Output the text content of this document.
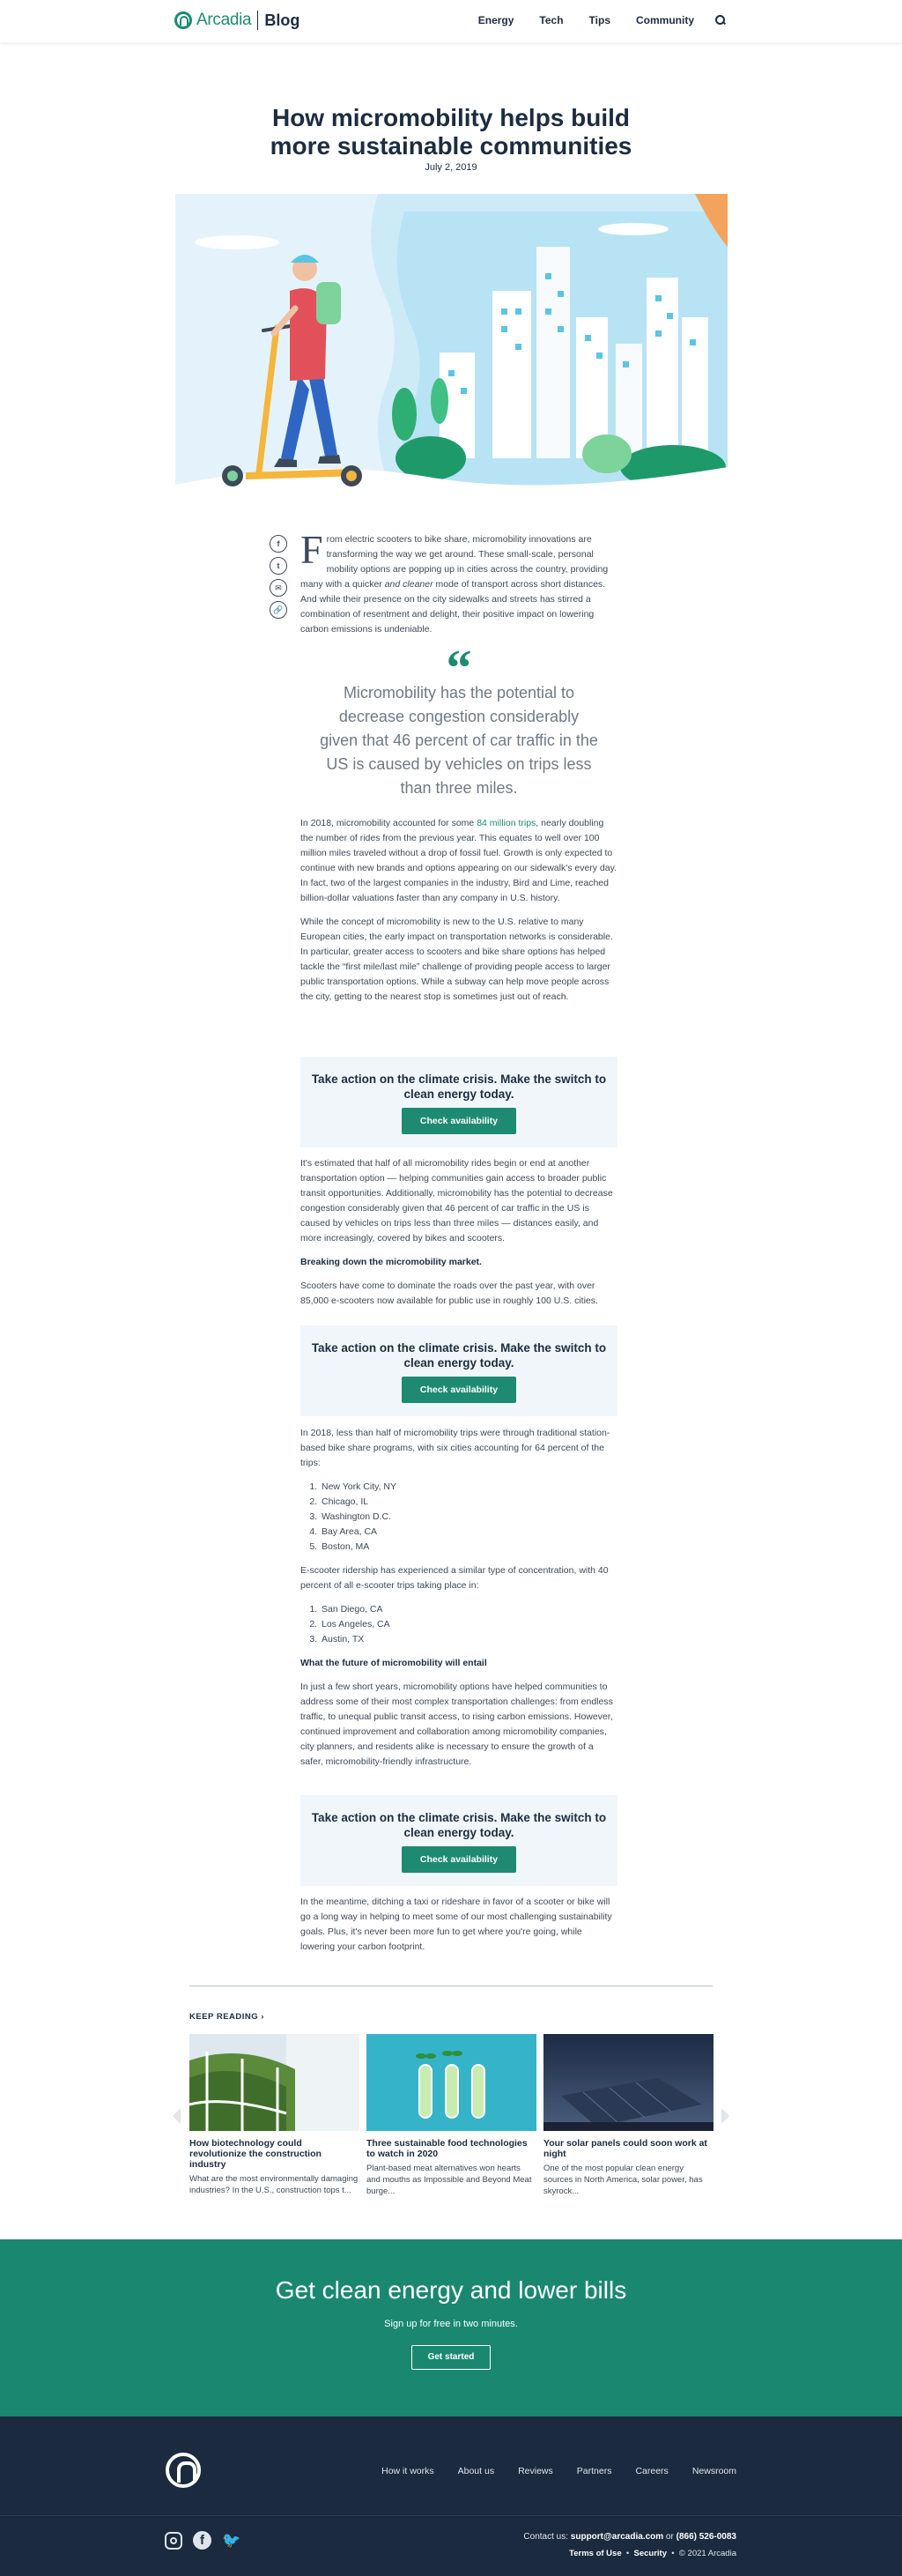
Arcadia Blog	Energy Tech Tips Community
How micromobility helps build
more sustainable communities
July 2, 2019
f
t
✉
🔗

From electric scooters to bike share, micromobility innovations are transforming the way we get around. These small-scale, personal mobility options are popping up in cities across the country, providing many with a quicker and cleaner mode of transport across short distances. And while their presence on the city sidewalks and streets has stirred a combination of resentment and delight, their positive impact on lowering carbon emissions is undeniable.

“
Micromobility has the potential to decrease congestion considerably given that 46 percent of car traffic in the US is caused by vehicles on trips less than three miles.

In 2018, micromobility accounted for some 84 million trips, nearly doubling the number of rides from the previous year. This equates to well over 100 million miles traveled without a drop of fossil fuel. Growth is only expected to continue with new brands and options appearing on our sidewalk's every day. In fact, two of the largest companies in the industry, Bird and Lime, reached billion-dollar valuations faster than any company in U.S. history.

While the concept of micromobility is new to the U.S. relative to many European cities, the early impact on transportation networks is considerable. In particular, greater access to scooters and bike share options has helped tackle the “first mile/last mile” challenge of providing people access to larger public transportation options. While a subway can help move people across the city, getting to the nearest stop is sometimes just out of reach.

Take action on the climate crisis. Make the switch to
clean energy today.
Check availability

It's estimated that half of all micromobility rides begin or end at another transportation option — helping communities gain access to broader public transit opportunities. Additionally, micromobility has the potential to decrease congestion considerably given that 46 percent of car traffic in the US is caused by vehicles on trips less than three miles — distances easily, and more increasingly, covered by bikes and scooters.

Breaking down the micromobility market.

Scooters have come to dominate the roads over the past year, with over 85,000 e-scooters now available for public use in roughly 100 U.S. cities.

Take action on the climate crisis. Make the switch to
clean energy today.
Check availability

In 2018, less than half of micromobility trips were through traditional station-based bike share programs, with six cities accounting for 64 percent of the trips:

1. New York City, NY
2. Chicago, IL
3. Washington D.C.
4. Bay Area, CA
5. Boston, MA

E-scooter ridership has experienced a similar type of concentration, with 40 percent of all e-scooter trips taking place in:

1. San Diego, CA
2. Los Angeles, CA
3. Austin, TX
What the future of micromobility will entail

In just a few short years, micromobility options have helped communities to address some of their most complex transportation challenges: from endless traffic, to unequal public transit access, to rising carbon emissions. However, continued improvement and collaboration among micromobility companies, city planners, and residents alike is necessary to ensure the growth of a safer, micromobility-friendly infrastructure.

Take action on the climate crisis. Make the switch to
clean energy today.
Check availability

In the meantime, ditching a taxi or rideshare in favor of a scooter or bike will go a long way in helping to meet some of our most challenging sustainability goals. Plus, it's never been more fun to get where you're going, while lowering your carbon footprint.

KEEP READING ›
How biotechnology could revolutionize the construction industry
What are the most environmentally damaging industries? In the U.S., construction tops t...
Three sustainable food technologies to watch in 2020
Plant-based meat alternatives won hearts and mouths as Impossible and Beyond Meat burge...
Your solar panels could soon work at night
One of the most popular clean energy sources in North America, solar power, has skyrock...
Get clean energy and lower bills
Sign up for free in two minutes.
Get started
How it works	About us	Reviews	Partners	Careers	Newsroom
f	🐦	Contact us: support@arcadia.com or (866) 526-0083
Terms of Use  •  Security  •  © 2021 Arcadia
